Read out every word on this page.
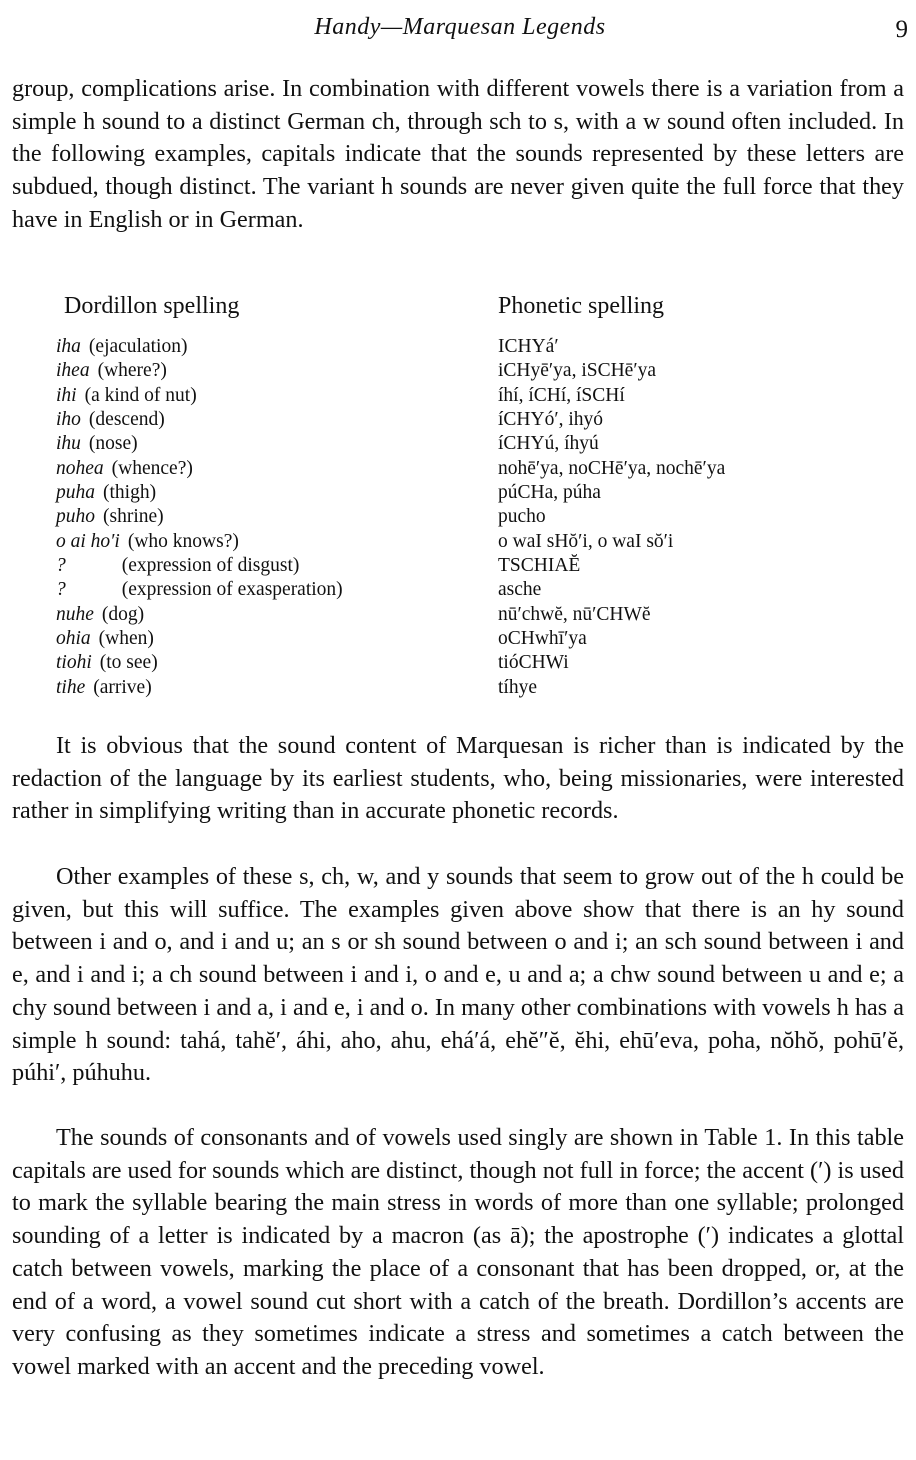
Handy—Marquesan Legends	9

group, complications arise. In combination with different vowels there is a variation from a simple h sound to a distinct German ch, through sch to s, with a w sound often included. In the following examples, capitals indicate that the sounds represented by these letters are subdued, though distinct. The variant h sounds are never given quite the full force that they have in English or in German.

Dordillon spelling	Phonetic spelling
iha (ejaculation)	ICHYá′
ihea (where?)	iCHyē′ya, iSCHē′ya
ihi (a kind of nut)	íhí, íCHí, íSCHí
iho (descend)	íCHYó′, ihyó
ihu (nose)	íCHYú, íhyú
nohea (whence?)	nohē′ya, noCHē′ya, nochē′ya
puha (thigh)	púCHa, púha
puho (shrine)	pucho
o ai ho′i (who knows?)	o waI sHŏ′i, o waI sŏ′i
?	(expression of disgust)	TSCHIAĔ
?	(expression of exasperation)	asche
nuhe (dog)	nū′chwĕ, nū′CHWĕ
ohia (when)	oCHwhī′ya
tiohi (to see)	tióCHWi
tihe (arrive)	tíhye

It is obvious that the sound content of Marquesan is richer than is indicated by the redaction of the language by its earliest students, who, being missionaries, were interested rather in simplifying writing than in accurate phonetic records.

Other examples of these s, ch, w, and y sounds that seem to grow out of the h could be given, but this will suffice. The examples given above show that there is an hy sound between i and o, and i and u; an s or sh sound between o and i; an sch sound between i and e, and i and i; a ch sound between i and i, o and e, u and a; a chw sound between u and e; a chy sound between i and a, i and e, i and o. In many other combinations with vowels h has a simple h sound: tahá, tahĕ′, áhi, aho, ahu, ehá′á, ehĕ″ĕ, ĕhi, ehū′eva, poha, nŏhŏ, pohū′ĕ, púhi′, púhuhu.

The sounds of consonants and of vowels used singly are shown in Table 1. In this table capitals are used for sounds which are distinct, though not full in force; the accent (′) is used to mark the syllable bearing the main stress in words of more than one syllable; prolonged sounding of a letter is indicated by a macron (as ā); the apostrophe (′) indicates a glottal catch between vowels, marking the place of a consonant that has been dropped, or, at the end of a word, a vowel sound cut short with a catch of the breath. Dordillon’s accents are very confusing as they sometimes indicate a stress and sometimes a catch between the vowel marked with an accent and the preceding vowel.
